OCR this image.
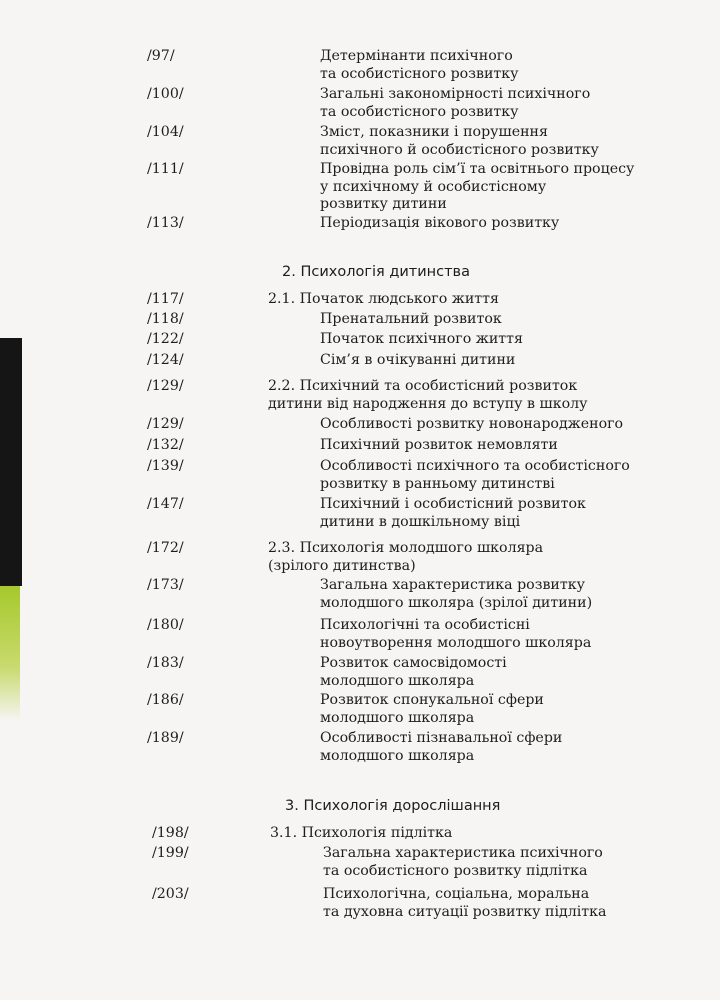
/97/	Детермінанти психічного
та особистісного розвитку
/100/	Загальні закономірності психічного
та особистісного розвитку
/104/	Зміст, показники і порушення
психічного й особистісного розвитку
/111/	Провідна роль сім’ї та освітнього процесу
у психічному й особистісному
розвитку дитини
/113/	Періодизація вікового розвитку
2. Психологія дитинства
/117/	2.1. Початок людського життя
/118/	Пренатальний розвиток
/122/	Початок психічного життя
/124/	Сім’я в очікуванні дитини
/129/	2.2. Психічний та особистісний розвиток
дитини від народження до вступу в школу
/129/	Особливості розвитку новонародженого
/132/	Психічний розвиток немовляти
/139/	Особливості психічного та особистісного
розвитку в ранньому дитинстві
/147/	Психічний і особистісний розвиток
дитини в дошкільному віці
/172/	2.3. Психологія молодшого школяра
(зрілого дитинства)
/173/	Загальна характеристика розвитку
молодшого школяра (зрілої дитини)
/180/	Психологічні та особистісні
новоутворення молодшого школяра
/183/	Розвиток самосвідомості
молодшого школяра
/186/	Розвиток спонукальної сфери
молодшого школяра
/189/	Особливості пізнавальної сфери
молодшого школяра
3. Психологія дорослішання
/198/	3.1. Психологія підлітка
/199/	Загальна характеристика психічного
та особистісного розвитку підлітка
/203/	Психологічна, соціальна, моральна
та духовна ситуації розвитку підлітка
